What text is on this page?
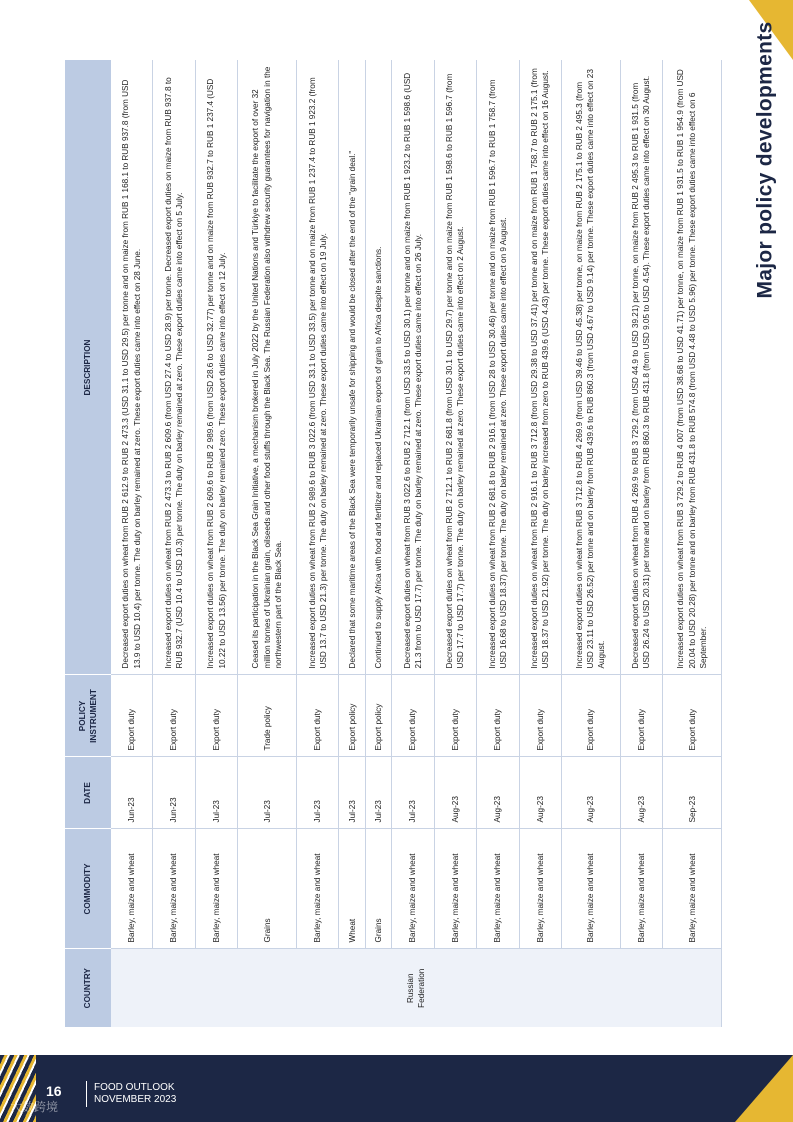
Major policy developments
COUNTRY	COMMODITY	DATE	POLICY INSTRUMENT	DESCRIPTION
Russian Federation	Barley, maize and wheat	Jun-23	Export duty	Decreased export duties on wheat from RUB 2 612.9 to RUB 2 473.3 (USD 31.1 to USD 29.5) per tonne and on maize from RUB 1 168.1 to RUB 937.8 (from USD 13.9 to USD 10.4) per tonne. The duty on barley remained at zero. These export duties came into effect on 28 June.
	Barley, maize and wheat	Jun-23	Export duty	Increased export duties on wheat from RUB 2 473.3 to RUB 2 609.6 (from USD 27.4 to USD 28.9) per tonne. Decreased export duties on maize from RUB 937.8 to RUB 932.7 (USD 10.4 to USD 10.3) per tonne. The duty on barley remained at zero. These export duties came into effect on 5 July.
	Barley, maize and wheat	Jul-23	Export duty	Increased export duties on wheat from RUB 2 609.6 to RUB 2 989.6 (from USD 28.6 to USD 32.77) per tonne and on maize from RUB 932.7 to RUB 1 237.4 (USD 10.22 to USD 13.56) per tonne. The duty on barley remained zero. These export duties came into effect on 12 July.
	Grains	Jul-23	Trade policy	Ceased its participation in the Black Sea Grain Initiative, a mechanism brokered in July 2022 by the United Nations and Türkiye to facilitate the export of over 32 million tonnes of Ukrainian grain, oilseeds and other food stuffs through the Black Sea. The Russian Federation also withdrew security guarantees for navigation in the northwestern part of the Black Sea.
	Barley, maize and wheat	Jul-23	Export duty	Increased export duties on wheat from RUB 2 989.6 to RUB 3 022.6 (from USD 33.1 to USD 33.5) per tonne and on maize from RUB 1 237.4 to RUB 1 923.2 (from USD 13.7 to USD 21.3) per tonne. The duty on barley remained at zero. These export duties came into effect on 19 July.
	Wheat	Jul-23	Export policy	Declared that some maritime areas of the Black Sea were temporarily unsafe for shipping and would be closed after the end of the "grain deal."
	Grains	Jul-23	Export policy	Continued to supply Africa with food and fertilizer and replaced Ukrainian exports of grain to Africa despite sanctions.
	Barley, maize and wheat	Jul-23	Export duty	Decreased export duties on wheat from RUB 3 022.6 to RUB 2 712.1 (from USD 33.5 to USD 30.1) per tonne and on maize from RUB 1 923.2 to RUB 1 598.6 (USD 21.3 from to USD 17.7) per tonne. The duty on barley remained at zero. These export duties came into effect on 26 July.
	Barley, maize and wheat	Aug-23	Export duty	Decreased export duties on wheat from RUB 2 712.1 to RUB 2 681.8 (from USD 30.1 to USD 29.7) per tonne and on maize from RUB 1 598.6 to RUB 1 596.7 (from USD 17.7 to USD 17.7) per tonne. The duty on barley remained at zero. These export duties came into effect on 2 August.
	Barley, maize and wheat	Aug-23	Export duty	Increased export duties on wheat from RUB 2 681.8 to RUB 2 916.1 (from USD 28 to USD 30.46) per tonne and on maize from RUB 1 596.7 to RUB 1 758.7 (from USD 16.68 to USD 18.37) per tonne. The duty on barley remained at zero. These export duties came into effect on 9 August.
	Barley, maize and wheat	Aug-23	Export duty	Increased export duties on wheat from RUB 2 916.1 to RUB 3 712.8 (from USD 29.38 to USD 37.41) per tonne and on maize from RUB 1 758.7 to RUB 2 175.1 (from USD 18.37 to USD 21.92) per tonne. The duty on barley increased from zero to RUB 439.6 (USD 4.43) per tonne. These export duties came into effect on 16 August.
	Barley, maize and wheat	Aug-23	Export duty	Increased export duties on wheat from RUB 3 712.8 to RUB 4 269.9 (from USD 39.46 to USD 45.38) per tonne, on maize from RUB 2 175.1 to RUB 2 495.3 (from USD 23.11 to USD 26.52) per tonne and on barley from RUB 439.6 to RUB 860.3 (from USD 4.67 to USD 9.14) per tonne. These export duties came into effect on 23 August.
	Barley, maize and wheat	Aug-23	Export duty	Decreased export duties on wheat from RUB 4 269.9 to RUB 3 729.2 (from USD 44.9 to USD 39.21) per tonne, on maize from RUB 2 495.3 to RUB 1 931.5 (from USD 26.24 to USD 20.31) per tonne and on barley from RUB 860.3 to RUB 431.8 (from USD 9.05 to USD 4.54). These export duties came into effect on 30 August.
	Barley, maize and wheat	Sep-23	Export duty	Increased export duties on wheat from RUB 3 729.2 to RUB 4 007 (from USD 38.68 to USD 41.71) per tonne, on maize from RUB 1 931.5 to RUB 1 954.9 (from USD 20.04 to USD 20.28) per tonne and on barley from RUB 431.8 to RUB 574.8 (from USD 4.48 to USD 5.96) per tonne. These export duties came into effect on 6 September.
16	FOOD OUTLOOK
NOVEMBER 2023
大数跨境
